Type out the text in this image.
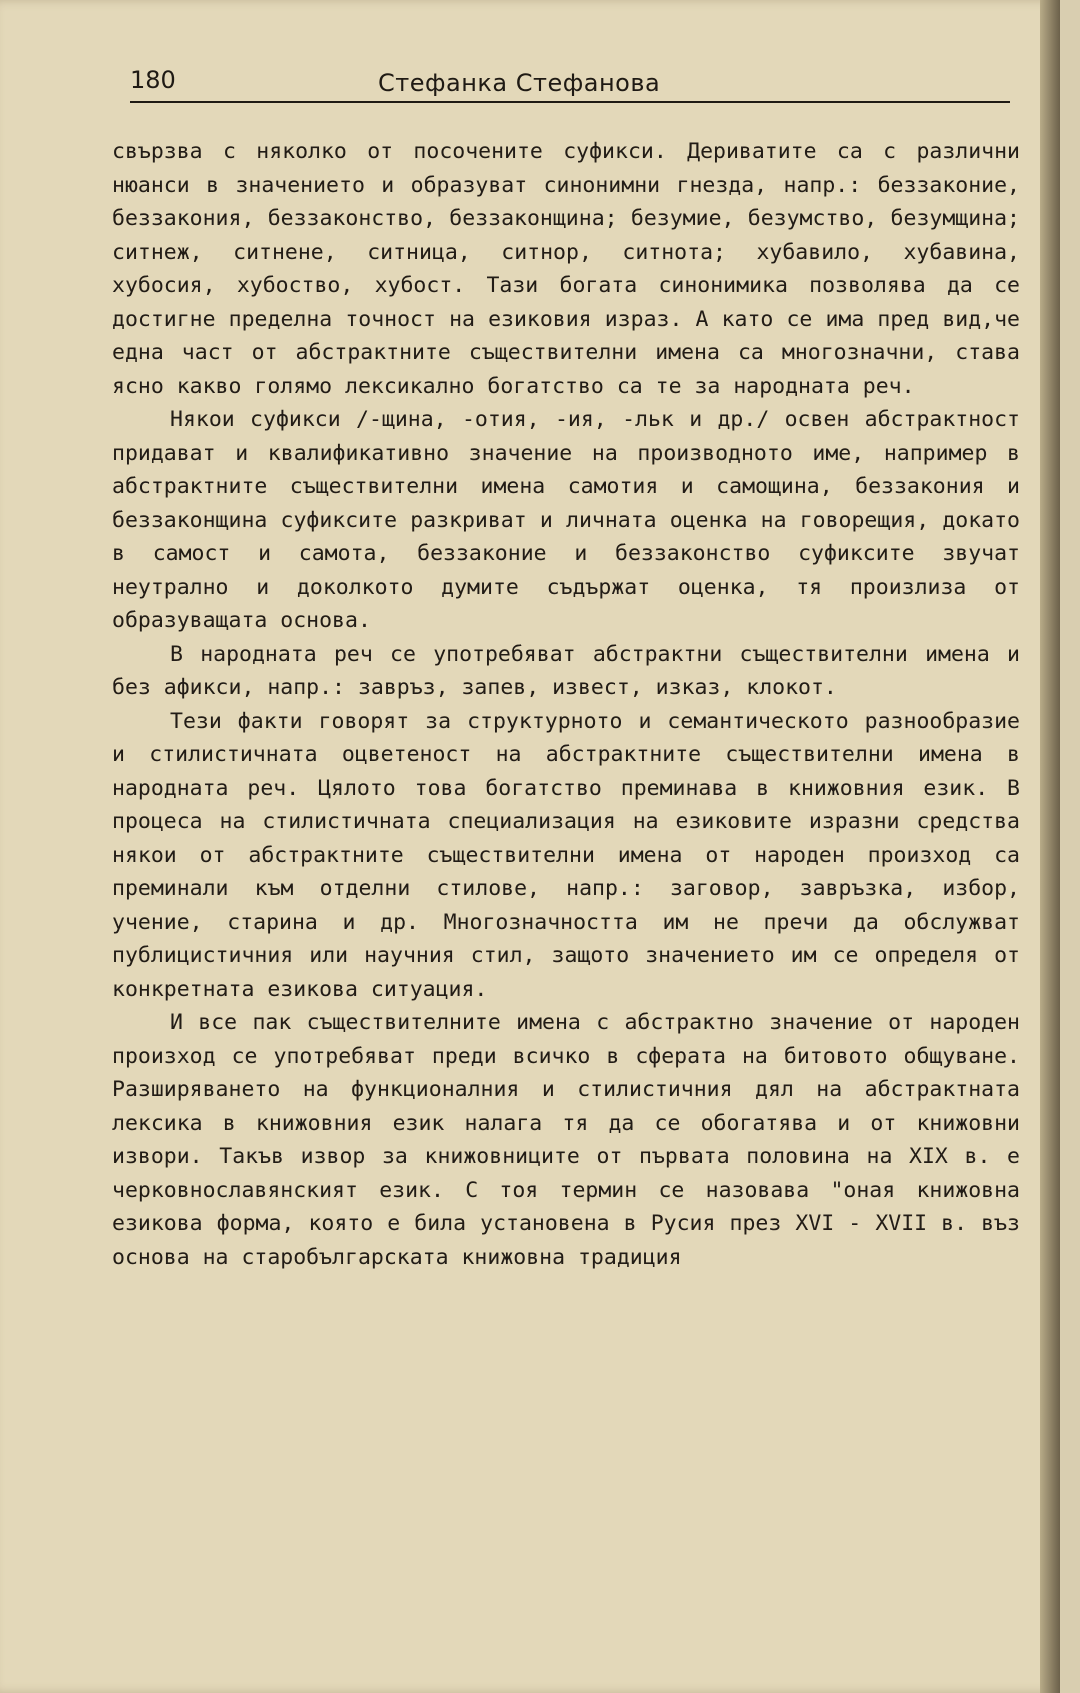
180	Стефанка Стефанова

свързва с няколко от посочените суфикси. Дериватите са с различни нюанси в значението и образуват синонимни гнезда, напр.: беззаконие, беззакония, беззаконство, беззаконщина; безумие, безумство, безумщина; ситнеж, ситнене, ситница, ситнор, ситнота; хубавило, хубавина, хубосия, хубоство, хубост. Тази богата синонимика позволява да се достигне пределна точност на езиковия израз. А като се има пред вид,че една част от абстрактните съществителни имена са многозначни, става ясно какво голямо лексикално богатство са те за народната реч.

Някои суфикси /-щина, -отия, -ия, -льк и др./ освен абстрактност придават и квалификативно значение на производното име, например в абстрактните съществителни имена самотия и самощина, беззакония и беззаконщина суфиксите разкриват и личната оценка на говорещия, докато в самост и самота, беззаконие и беззаконство суфиксите звучат неутрално и доколкото думите съдържат оценка, тя произлиза от образуващата основа.

В народната реч се употребяват абстрактни съществителни имена и без афикси, напр.: завръз, запев, извест, изказ, клокот.

Тези факти говорят за структурното и семантическото разнообразие и стилистичната оцветеност на абстрактните съществителни имена в народната реч. Цялото това богатство преминава в книжовния език. В процеса на стилистичната специализация на езиковите изразни средства някои от абстрактните съществителни имена от народен произход са преминали към отделни стилове, напр.: заговор, завръзка, избор, учение, старина и др. Многозначността им не пречи да обслужват публицистичния или научния стил, защото значението им се определя от конкретната езикова ситуация.

И все пак съществителните имена с абстрактно значение от народен произход се употребяват преди всичко в сферата на битовото общуване. Разширяването на функционалния и стилистичния дял на абстрактната лексика в книжовния език налага тя да се обогатява и от книжовни извори. Такъв извор за книжовниците от първата половина на XIX в. е черковнославянският език. С тоя термин се назовава "оная книжовна езикова форма, която е била установена в Русия през XVI - XVII в. въз основа на старобългарската книжовна традиция
